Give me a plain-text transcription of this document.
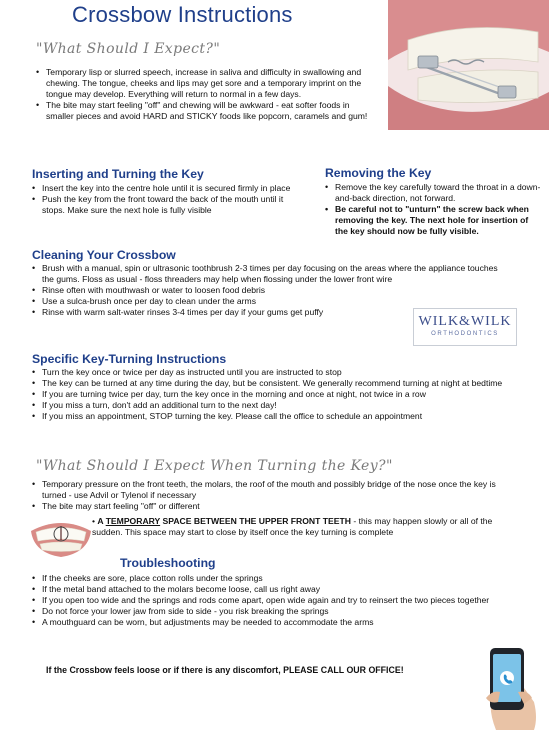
Crossbow Instructions
"What Should I Expect?"
• Temporary lisp or slurred speech, increase in saliva and difficulty in swallowing and chewing. The tongue, cheeks and lips may get sore and a temporary imprint on the tongue may develop. Everything will return to normal in a few days.
• The bite may start feeling "off" and chewing will be awkward - eat softer foods in smaller pieces and avoid HARD and STICKY foods like popcorn, caramels and gum!
Inserting and Turning the Key
• Insert the key into the centre hole until it is secured firmly in place
• Push the key from the front toward the back of the mouth until it stops. Make sure the next hole is fully visible
Removing the Key
• Remove the key carefully toward the throat in a down-and-back direction, not forward.
• Be careful not to "unturn" the screw back when removing the key. The next hole for insertion of the key should now be fully visible.
Cleaning Your Crossbow
• Brush with a manual, spin or ultrasonic toothbrush 2-3 times per day focusing on the areas where the appliance touches the gums. Floss as usual - floss threaders may help when flossing under the lower front wire
• Rinse often with mouthwash or water to loosen food debris
• Use a sulca-brush once per day to clean under the arms
• Rinse with warm salt-water rinses 3-4 times per day if your gums get puffy
WILK&WILK
ORTHODONTICS
Specific Key-Turning Instructions
• Turn the key once or twice per day as instructed until you are instructed to stop
• The key can be turned at any time during the day, but be consistent. We generally recommend turning at night at bedtime
• If you are turning twice per day, turn the key once in the morning and once at night, not twice in a row
• If you miss a turn, don't add an additional turn to the next day!
• If you miss an appointment, STOP turning the key. Please call the office to schedule an appointment
"What Should I Expect When Turning the Key?"
• Temporary pressure on the front teeth, the molars, the roof of the mouth and possibly bridge of the nose once the key is turned - use Advil or Tylenol if necessary
• The bite may start feeling "off" or different
• A TEMPORARY SPACE BETWEEN THE UPPER FRONT TEETH - this may happen slowly or all of the sudden. This space may start to close by itself once the key turning is complete
Troubleshooting
• If the cheeks are sore, place cotton rolls under the springs
• If the metal band attached to the molars become loose, call us right away
• If you open too wide and the springs and rods come apart, open wide again and try to reinsert the two pieces together
• Do not force your lower jaw from side to side - you risk breaking the springs
• A mouthguard can be worn, but adjustments may be needed to accommodate the arms
If the Crossbow feels loose or if there is any discomfort, PLEASE CALL OUR OFFICE!
